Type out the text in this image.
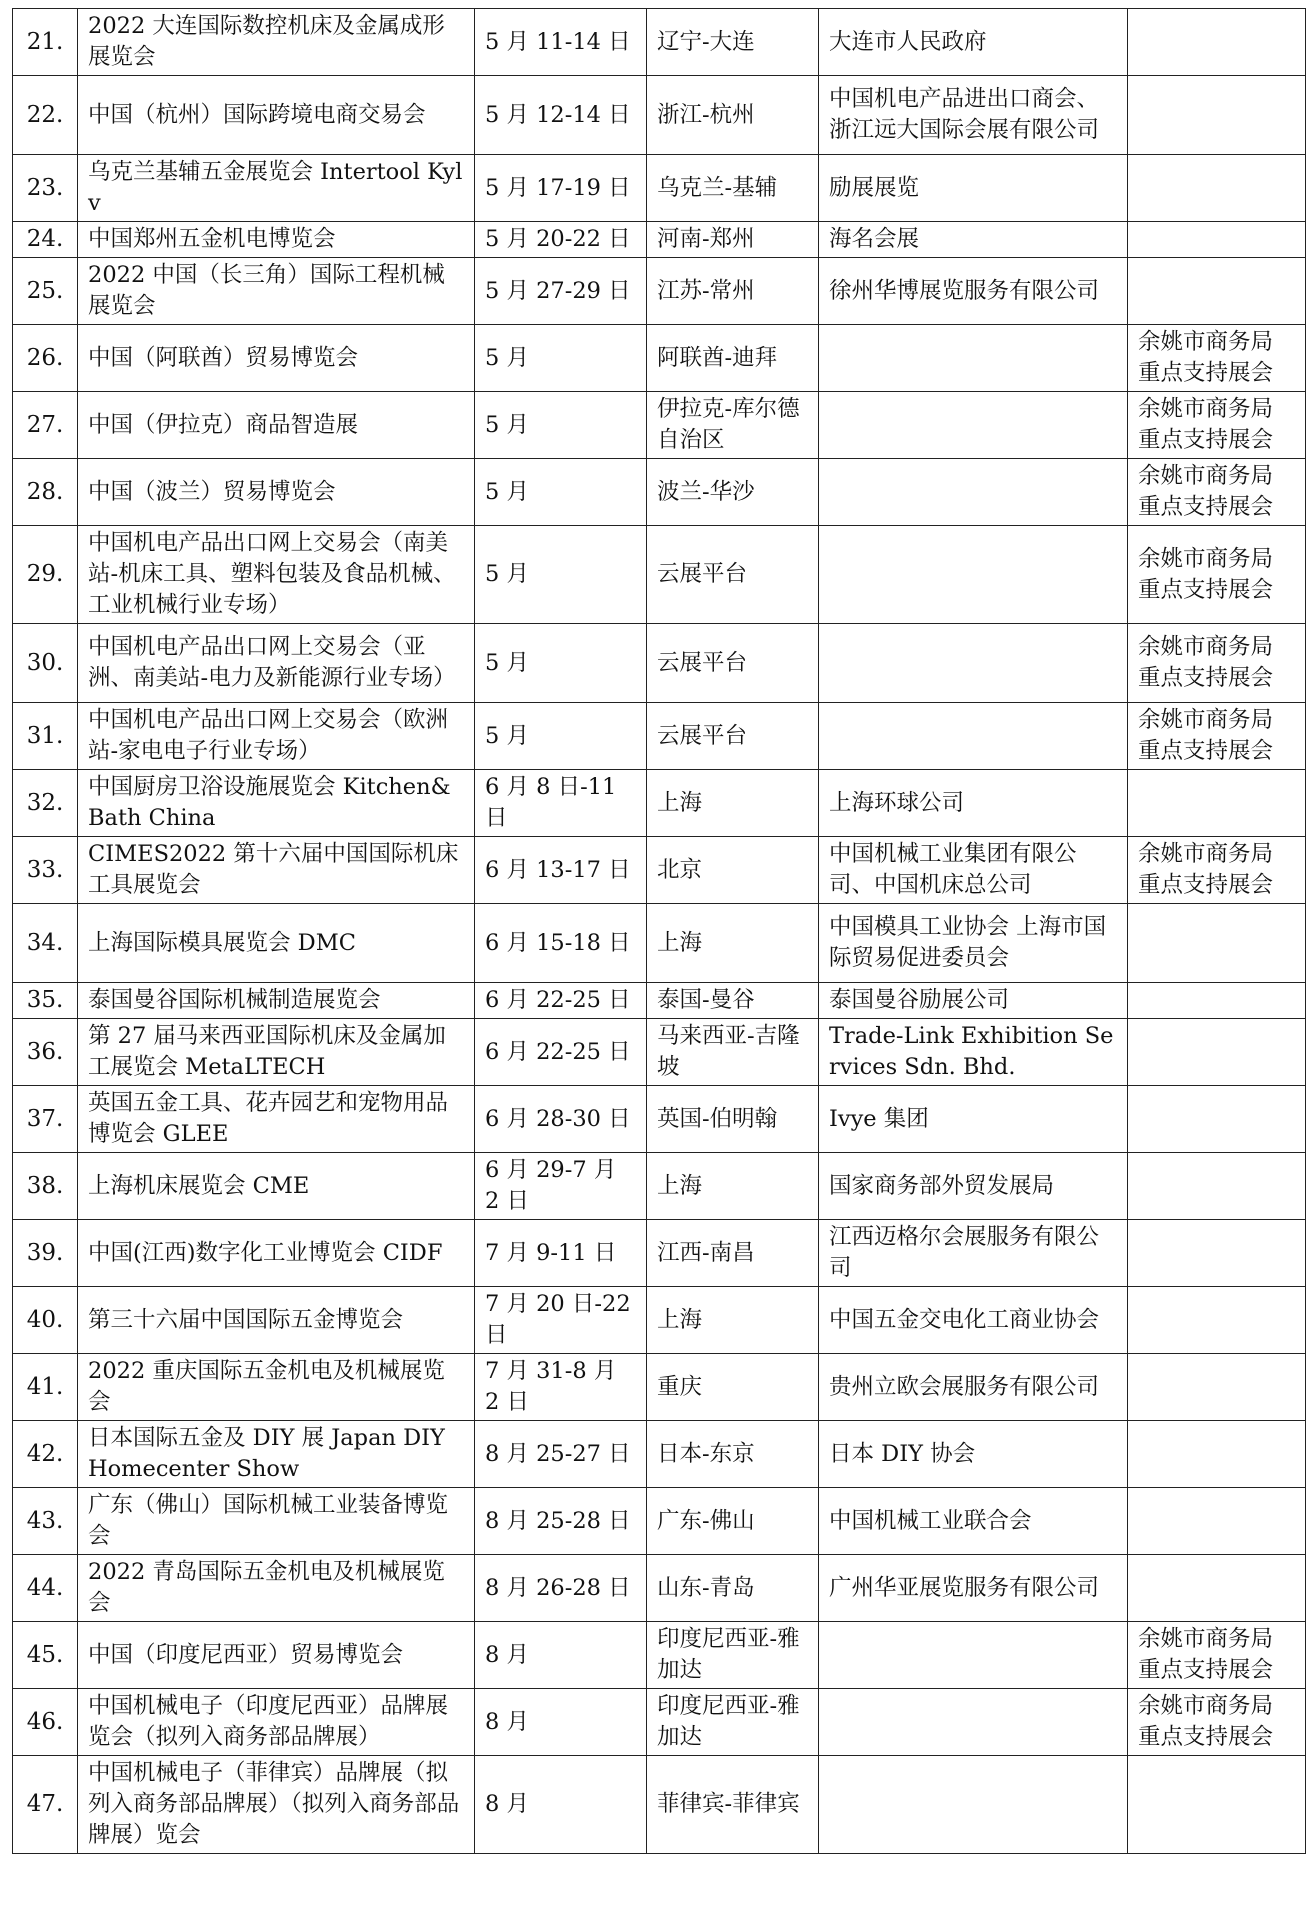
21.	2022 大连国际数控机床及金属成形展览会	5 月 11-14 日	辽宁-大连	大连市人民政府	
22.	中国（杭州）国际跨境电商交易会	5 月 12-14 日	浙江-杭州	中国机电产品进出口商会、浙江远大国际会展有限公司	
23.	乌克兰基辅五金展览会 Intertool Kylv	5 月 17-19 日	乌克兰-基辅	励展展览	
24.	中国郑州五金机电博览会	5 月 20-22 日	河南-郑州	海名会展	
25.	2022 中国（长三角）国际工程机械展览会	5 月 27-29 日	江苏-常州	徐州华博展览服务有限公司	
26.	中国（阿联酋）贸易博览会	5 月	阿联酋-迪拜		余姚市商务局重点支持展会
27.	中国（伊拉克）商品智造展	5 月	伊拉克-库尔德自治区		余姚市商务局重点支持展会
28.	中国（波兰）贸易博览会	5 月	波兰-华沙		余姚市商务局重点支持展会
29.	中国机电产品出口网上交易会（南美站-机床工具、塑料包装及食品机械、工业机械行业专场）	5 月	云展平台		余姚市商务局重点支持展会
30.	中国机电产品出口网上交易会（亚洲、南美站-电力及新能源行业专场）	5 月	云展平台		余姚市商务局重点支持展会
31.	中国机电产品出口网上交易会（欧洲站-家电电子行业专场）	5 月	云展平台		余姚市商务局重点支持展会
32.	中国厨房卫浴设施展览会 Kitchen&Bath China	6 月 8 日-11 日	上海	上海环球公司	
33.	CIMES2022 第十六届中国国际机床工具展览会	6 月 13-17 日	北京	中国机械工业集团有限公司、中国机床总公司	余姚市商务局重点支持展会
34.	上海国际模具展览会 DMC	6 月 15-18 日	上海	中国模具工业协会 上海市国际贸易促进委员会	
35.	泰国曼谷国际机械制造展览会	6 月 22-25 日	泰国-曼谷	泰国曼谷励展公司	
36.	第 27 届马来西亚国际机床及金属加工展览会 MetaLTECH	6 月 22-25 日	马来西亚-吉隆坡	Trade-Link Exhibition Services Sdn. Bhd.	
37.	英国五金工具、花卉园艺和宠物用品博览会 GLEE	6 月 28-30 日	英国-伯明翰	Ivye 集团	
38.	上海机床展览会 CME	6 月 29-7 月 2 日	上海	国家商务部外贸发展局	
39.	中国(江西)数字化工业博览会 CIDF	7 月 9-11 日	江西-南昌	江西迈格尔会展服务有限公司	
40.	第三十六届中国国际五金博览会	7 月 20 日-22 日	上海	中国五金交电化工商业协会	
41.	2022 重庆国际五金机电及机械展览会	7 月 31-8 月 2 日	重庆	贵州立欧会展服务有限公司	
42.	日本国际五金及 DIY 展 Japan DIY Homecenter Show	8 月 25-27 日	日本-东京	日本 DIY 协会	
43.	广东（佛山）国际机械工业装备博览会	8 月 25-28 日	广东-佛山	中国机械工业联合会	
44.	2022 青岛国际五金机电及机械展览会	8 月 26-28 日	山东-青岛	广州华亚展览服务有限公司	
45.	中国（印度尼西亚）贸易博览会	8 月	印度尼西亚-雅加达		余姚市商务局重点支持展会
46.	中国机械电子（印度尼西亚）品牌展览会（拟列入商务部品牌展）	8 月	印度尼西亚-雅加达		余姚市商务局重点支持展会
47.	中国机械电子（菲律宾）品牌展（拟列入商务部品牌展）（拟列入商务部品牌展）览会	8 月	菲律宾-菲律宾		
